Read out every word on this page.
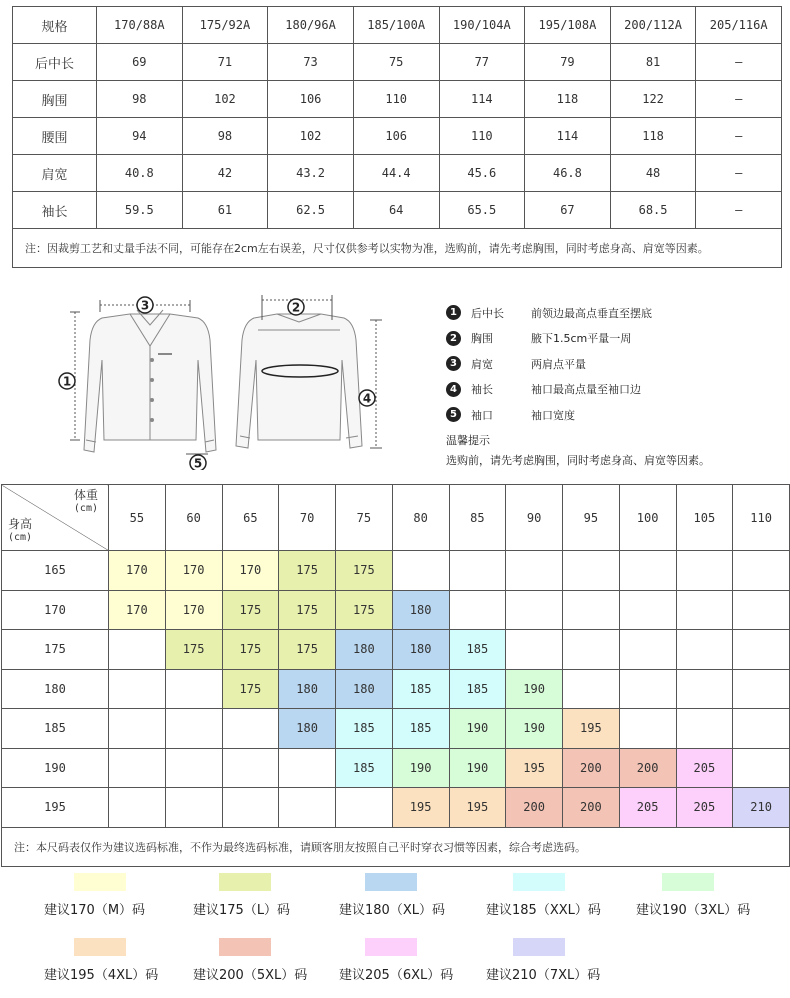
规格	170/88A	175/92A	180/96A	185/100A	190/104A	195/108A	200/112A	205/116A
后中长	69	71	73	75	77	79	81	—
胸围	98	102	106	110	114	118	122	—
腰围	94	98	102	106	110	114	118	—
肩宽	40.8	42	43.2	44.4	45.6	46.8	48	—
袖长	59.5	61	62.5	64	65.5	67	68.5	—
注：因裁剪工艺和丈量手法不同，可能存在2cm左右误差，尺寸仅供参考以实物为准，选购前，请先考虑胸围，同时考虑身高、肩宽等因素。								
3
1
5
2
4
1	后中长	前领边最高点垂直至摆底
2	胸围	腋下1.5cm平量一周
3	肩宽	两肩点平量
4	袖长	袖口最高点量至袖口边
5	袖口	袖口宽度
温馨提示
选购前，请先考虑胸围，同时考虑身高、肩宽等因素。
体重
(cm)
身高
(cm)	55	60	65	70	75	80	85	90	95	100	105	110
165	170	170	170	175	175							
170	170	170	175	175	175	180						
175		175	175	175	180	180	185					
180			175	180	180	185	185	190				
185				180	185	185	190	190	195			
190					185	190	190	195	200	200	205	
195						195	195	200	200	205	205	210
注：本尺码表仅作为建议选码标准，不作为最终选码标准，请顾客朋友按照自己平时穿衣习惯等因素，综合考虑选码。												
建议170（M）码	建议175（L）码	建议180（XL）码	建议185（XXL）码	建议190（3XL）码
建议195（4XL）码	建议200（5XL）码 建议205（6XL）码	建议210（7XL）码
